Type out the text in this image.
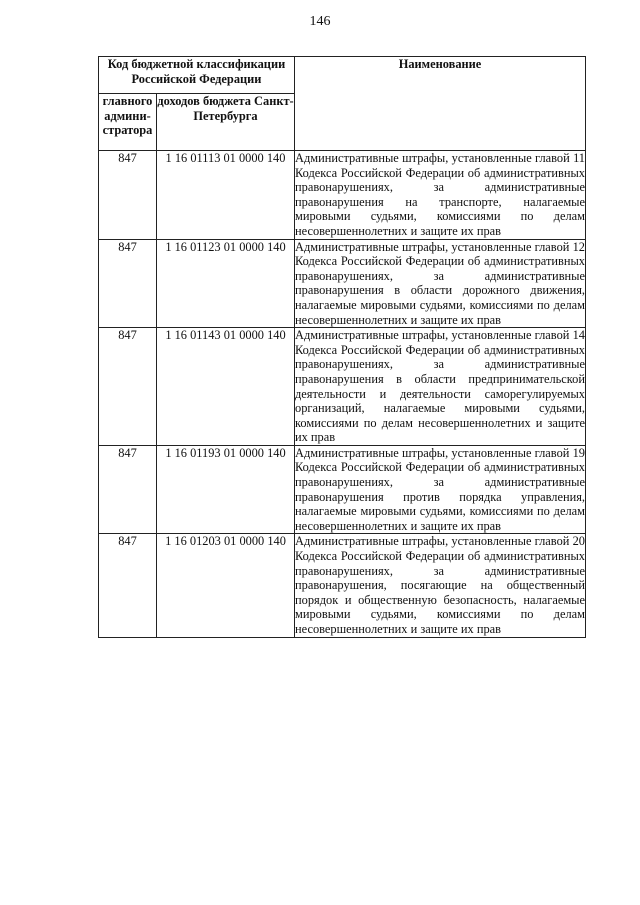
146
Код бюджетной классификации Российской Федерации		Наименование
главного админи-стратора	доходов бюджета Санкт-Петербурга	
847	1 16 01113 01 0000 140	Административные штрафы, установленные главой 11 Кодекса Российской Федерации об административных правонарушениях, за административные правонарушения на транспорте, налагаемые мировыми судьями, комиссиями по делам несовершеннолетних и защите их прав
847	1 16 01123 01 0000 140	Административные штрафы, установленные главой 12 Кодекса Российской Федерации об административных правонарушениях, за административные правонарушения в области дорожного движения, налагаемые мировыми судьями, комиссиями по делам несовершеннолетних и защите их прав
847	1 16 01143 01 0000 140	Административные штрафы, установленные главой 14 Кодекса Российской Федерации об административных правонарушениях, за административные правонарушения в области предпринимательской деятельности и деятельности саморегулируемых организаций, налагаемые мировыми судьями, комиссиями по делам несовершеннолетних и защите их прав
847	1 16 01193 01 0000 140	Административные штрафы, установленные главой 19 Кодекса Российской Федерации об административных правонарушениях, за административные правонарушения против порядка управления, налагаемые мировыми судьями, комиссиями по делам несовершеннолетних и защите их прав
847	1 16 01203 01 0000 140	Административные штрафы, установленные главой 20 Кодекса Российской Федерации об административных правонарушениях, за административные правонарушения, посягающие на общественный порядок и общественную безопасность, налагаемые мировыми судьями, комиссиями по делам несовершеннолетних и защите их прав
